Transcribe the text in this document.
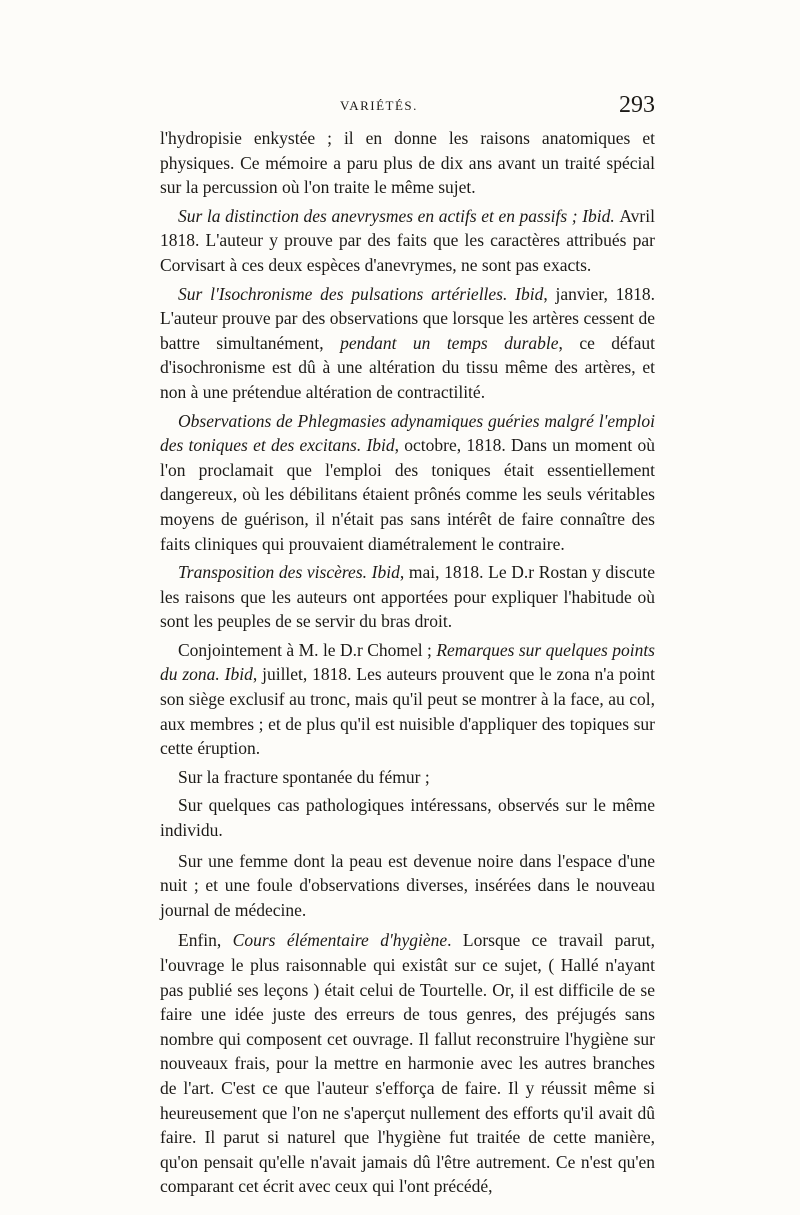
VARIÉTÉS.	293

l'hydropisie enkystée ; il en donne les raisons anatomiques et physiques. Ce mémoire a paru plus de dix ans avant un traité spécial sur la percussion où l'on traite le même sujet.

Sur la distinction des anevrysmes en actifs et en passifs ; Ibid. Avril 1818. L'auteur y prouve par des faits que les caractères attribués par Corvisart à ces deux espèces d'anevrymes, ne sont pas exacts.

Sur l'Isochronisme des pulsations artérielles. Ibid, janvier, 1818. L'auteur prouve par des observations que lorsque les artères cessent de battre simultanément, pendant un temps durable, ce défaut d'isochronisme est dû à une altération du tissu même des artères, et non à une prétendue altération de contractilité.

Observations de Phlegmasies adynamiques guéries malgré l'emploi des toniques et des excitans. Ibid, octobre, 1818. Dans un moment où l'on proclamait que l'emploi des toniques était essentiellement dangereux, où les débilitans étaient prônés comme les seuls véritables moyens de guérison, il n'était pas sans intérêt de faire connaître des faits cliniques qui prouvaient diamétralement le contraire.

Transposition des viscères. Ibid, mai, 1818. Le D.r Rostan y discute les raisons que les auteurs ont apportées pour expliquer l'habitude où sont les peuples de se servir du bras droit.

Conjointement à M. le D.r Chomel ; Remarques sur quelques points du zona. Ibid, juillet, 1818. Les auteurs prouvent que le zona n'a point son siège exclusif au tronc, mais qu'il peut se montrer à la face, au col, aux membres ; et de plus qu'il est nuisible d'appliquer des topiques sur cette éruption.

Sur la fracture spontanée du fémur ;

Sur quelques cas pathologiques intéressans, observés sur le même individu.

Sur une femme dont la peau est devenue noire dans l'espace d'une nuit ; et une foule d'observations diverses, insérées dans le nouveau journal de médecine.

Enfin, Cours élémentaire d'hygiène. Lorsque ce travail parut, l'ouvrage le plus raisonnable qui existât sur ce sujet, ( Hallé n'ayant pas publié ses leçons ) était celui de Tourtelle. Or, il est difficile de se faire une idée juste des erreurs de tous genres, des préjugés sans nombre qui composent cet ouvrage. Il fallut reconstruire l'hygiène sur nouveaux frais, pour la mettre en harmonie avec les autres branches de l'art. C'est ce que l'auteur s'efforça de faire. Il y réussit même si heureusement que l'on ne s'aperçut nullement des efforts qu'il avait dû faire. Il parut si naturel que l'hygiène fut traitée de cette manière, qu'on pensait qu'elle n'avait jamais dû l'être autrement. Ce n'est qu'en comparant cet écrit avec ceux qui l'ont précédé,
